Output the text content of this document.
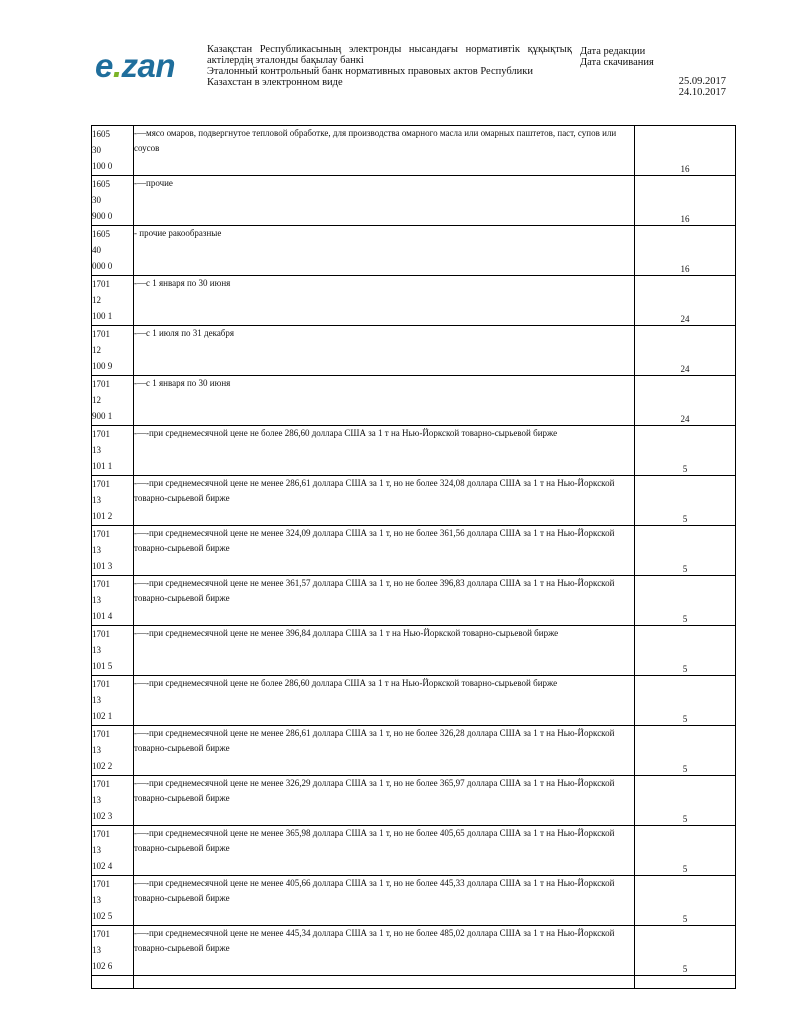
e.zan	Казақстан Республикасының электронды нысандағы нормативтік құқықтық
актілердің эталонды бақылау банкі
Эталонный контрольный банк нормативных правовых актов Республики
Казахстан в электронном виде
Дата редакции
Дата скачивания
25.09.2017
24.10.2017
1605
30
100 0	-—мясо омаров, подвергнутое тепловой обработке, для производства омарного масла или омарных паштетов, паст, супов или соусов	16

1605
30
900 0	-—прочие	16

1605
40
000 0	- прочие ракообразные	16

1701
12
100 1	-—с 1 января по 30 июня	24

1701
12
100 9	-—с 1 июля по 31 декабря	24

1701
12
900 1	-—с 1 января по 30 июня	24

1701
13
101 1	-—-при среднемесячной цене не более 286,60 доллара США за 1 т на Нью-Йоркской товарно-сырьевой бирже	5

1701
13
101 2	-—-при среднемесячной цене не менее 286,61 доллара США за 1 т, но не более 324,08 доллара США за 1 т на Нью-Йоркской товарно-сырьевой бирже	5

1701
13
101 3	-—-при среднемесячной цене не менее 324,09 доллара США за 1 т, но не более 361,56 доллара США за 1 т на Нью-Йоркской товарно-сырьевой бирже	5

1701
13
101 4	-—-при среднемесячной цене не менее 361,57 доллара США за 1 т, но не более 396,83 доллара США за 1 т на Нью-Йоркской товарно-сырьевой бирже	5

1701
13
101 5	-—-при среднемесячной цене не менее 396,84 доллара США за 1 т на Нью-Йоркской товарно-сырьевой бирже	5

1701
13
102 1	-—-при среднемесячной цене не более 286,60 доллара США за 1 т на Нью-Йоркской товарно-сырьевой бирже	5

1701
13
102 2	-—-при среднемесячной цене не менее 286,61 доллара США за 1 т, но не более 326,28 доллара США за 1 т на Нью-Йоркской товарно-сырьевой бирже	5

1701
13
102 3	-—-при среднемесячной цене не менее 326,29 доллара США за 1 т, но не более 365,97 доллара США за 1 т на Нью-Йоркской товарно-сырьевой бирже	5

1701
13
102 4	-—-при среднемесячной цене не менее 365,98 доллара США за 1 т, но не более 405,65 доллара США за 1 т на Нью-Йоркской товарно-сырьевой бирже	5

1701
13
102 5	-—-при среднемесячной цене не менее 405,66 доллара США за 1 т, но не более 445,33 доллара США за 1 т на Нью-Йоркской товарно-сырьевой бирже	5

1701
13
102 6	-—-при среднемесячной цене не менее 445,34 доллара США за 1 т, но не более 485,02 доллара США за 1 т на Нью-Йоркской товарно-сырьевой бирже	5
